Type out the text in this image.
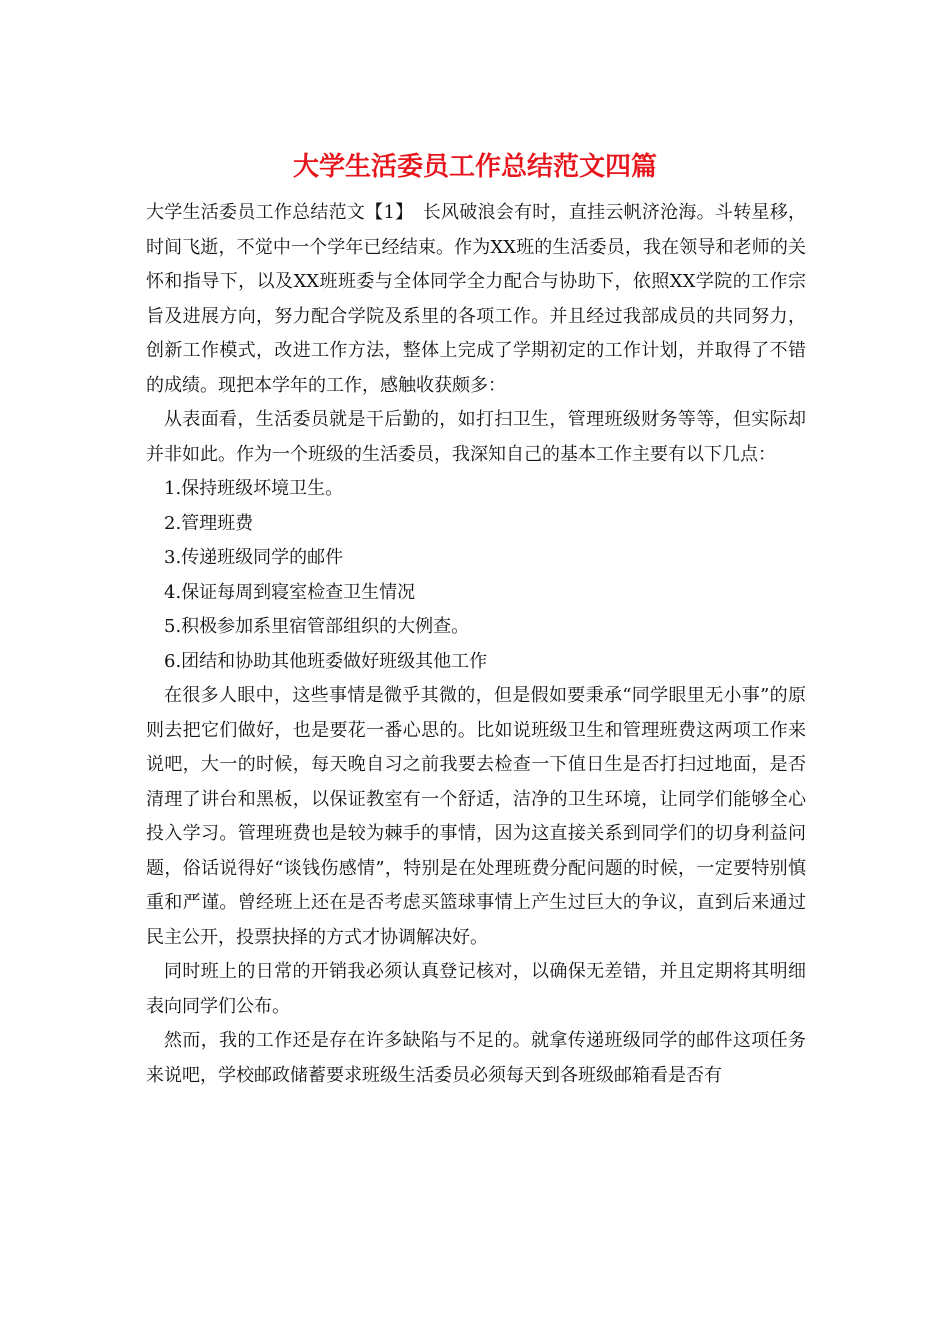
大学生活委员工作总结范文四篇

大学生活委员工作总结范文【1】　长风破浪会有时，直挂云帆济沧海。斗转星移，时间飞逝，不觉中一个学年已经结束。作为XX班的生活委员，我在领导和老师的关怀和指导下，以及XX班班委与全体同学全力配合与协助下，依照XX学院的工作宗旨及进展方向，努力配合学院及系里的各项工作。并且经过我部成员的共同努力，创新工作模式，改进工作方法，整体上完成了学期初定的工作计划，并取得了不错的成绩。现把本学年的工作，感触收获颇多：

从表面看，生活委员就是干后勤的，如打扫卫生，管理班级财务等等，但实际却并非如此。作为一个班级的生活委员，我深知自己的基本工作主要有以下几点：

1.保持班级坏境卫生。

2.管理班费

3.传递班级同学的邮件

4.保证每周到寝室检查卫生情况

5.积极参加系里宿管部组织的大例查。

6.团结和协助其他班委做好班级其他工作

在很多人眼中，这些事情是微乎其微的，但是假如要秉承“同学眼里无小事”的原则去把它们做好，也是要花一番心思的。比如说班级卫生和管理班费这两项工作来说吧，大一的时候，每天晚自习之前我要去检查一下值日生是否打扫过地面，是否清理了讲台和黑板，以保证教室有一个舒适，洁净的卫生环境，让同学们能够全心投入学习。管理班费也是较为棘手的事情，因为这直接关系到同学们的切身利益问题，俗话说得好“谈钱伤感情”，特别是在处理班费分配问题的时候，一定要特别慎重和严谨。曾经班上还在是否考虑买篮球事情上产生过巨大的争议，直到后来通过民主公开，投票抉择的方式才协调解决好。

同时班上的日常的开销我必须认真登记核对，以确保无差错，并且定期将其明细表向同学们公布。

然而，我的工作还是存在许多缺陷与不足的。就拿传递班级同学的邮件这项任务来说吧，学校邮政储蓄要求班级生活委员必须每天到各班级邮箱看是否有
